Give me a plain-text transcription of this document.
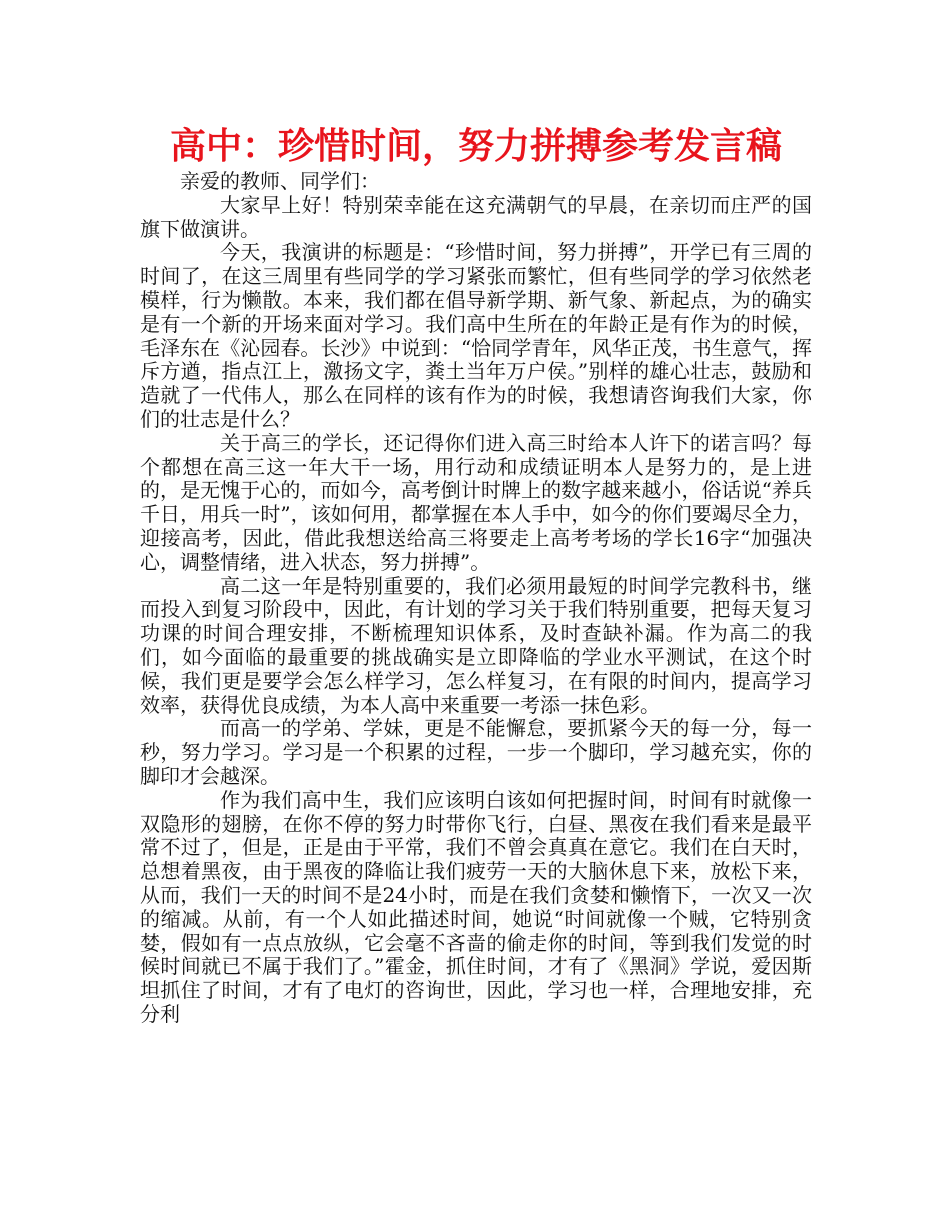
高中：珍惜时间，努力拼搏参考发言稿

亲爱的教师、同学们：

大家早上好！特别荣幸能在这充满朝气的早晨，在亲切而庄严的国旗下做演讲。

今天，我演讲的标题是：“珍惜时间，努力拼搏”，开学已有三周的时间了，在这三周里有些同学的学习紧张而繁忙，但有些同学的学习依然老模样，行为懒散。本来，我们都在倡导新学期、新气象、新起点，为的确实是有一个新的开场来面对学习。我们高中生所在的年龄正是有作为的时候，毛泽东在《沁园春。长沙》中说到：“恰同学青年，风华正茂，书生意气，挥斥方遒，指点江上，激扬文字，粪土当年万户侯。”别样的雄心壮志，鼓励和造就了一代伟人，那么在同样的该有作为的时候，我想请咨询我们大家，你们的壮志是什么？

关于高三的学长，还记得你们进入高三时给本人许下的诺言吗？每个都想在高三这一年大干一场，用行动和成绩证明本人是努力的，是上进的，是无愧于心的，而如今，高考倒计时牌上的数字越来越小，俗话说“养兵千日，用兵一时”，该如何用，都掌握在本人手中，如今的你们要竭尽全力，迎接高考，因此，借此我想送给高三将要走上高考考场的学长16字“加强决心，调整情绪，进入状态，努力拼搏”。

高二这一年是特别重要的，我们必须用最短的时间学完教科书，继而投入到复习阶段中，因此，有计划的学习关于我们特别重要，把每天复习功课的时间合理安排，不断梳理知识体系，及时查缺补漏。作为高二的我们，如今面临的最重要的挑战确实是立即降临的学业水平测试，在这个时候，我们更是要学会怎么样学习，怎么样复习，在有限的时间内，提高学习效率，获得优良成绩，为本人高中来重要一考添一抹色彩。

而高一的学弟、学妹，更是不能懈怠，要抓紧今天的每一分，每一秒，努力学习。学习是一个积累的过程，一步一个脚印，学习越充实，你的脚印才会越深。

作为我们高中生，我们应该明白该如何把握时间，时间有时就像一双隐形的翅膀，在你不停的努力时带你飞行，白昼、黑夜在我们看来是最平常不过了，但是，正是由于平常，我们不曾会真真在意它。我们在白天时，总想着黑夜，由于黑夜的降临让我们疲劳一天的大脑休息下来，放松下来，从而，我们一天的时间不是24小时，而是在我们贪婪和懒惰下，一次又一次的缩减。从前，有一个人如此描述时间，她说“时间就像一个贼，它特别贪婪，假如有一点点放纵，它会毫不吝啬的偷走你的时间，等到我们发觉的时候时间就已不属于我们了。”霍金，抓住时间，才有了《黑洞》学说，爱因斯坦抓住了时间，才有了电灯的咨询世，因此，学习也一样，合理地安排，充分利
